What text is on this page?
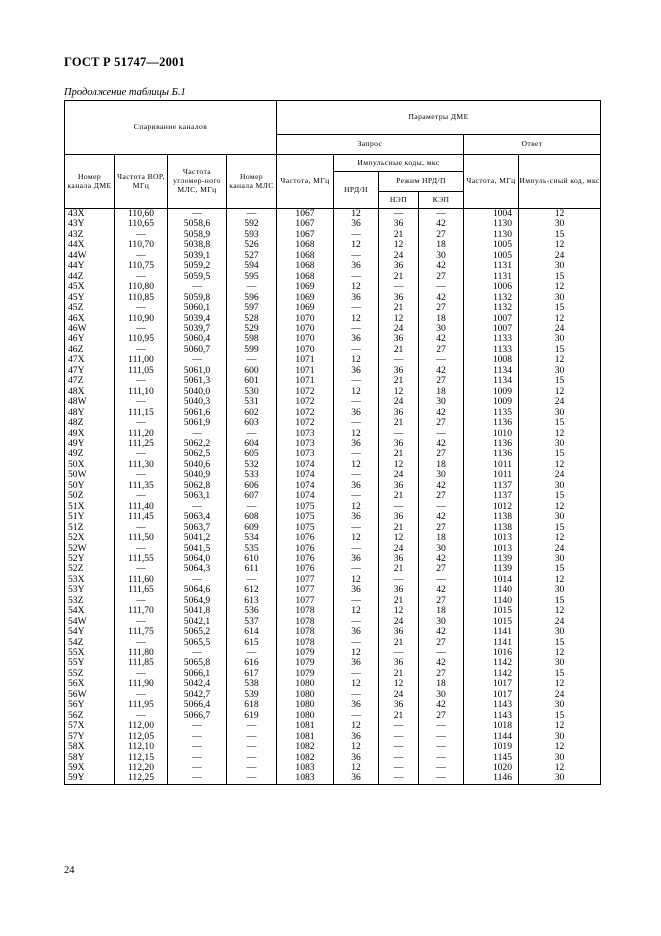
ГОСТ Р 51747—2001
Продолжение таблицы Б.1
Спаривание каналов				Параметры ДМЕ					
				Запрос				Ответ	
Номер канала ДМЕ	Частота ВОР, МГц	Частота угломер-ного МЛС, МГц	Номер канала МЛС	Частота, МГц	Импульсные коды, мкс			Частота, МГц	Импуль-сный код, мкс
					НРД/Н	Режим НРД/П			
						НЭП	КЭП		
43X	110,60	—	—	1067	12	—	—	1004	12
43Y	110,65	5058,6	592	1067	36	36	42	1130	30
43Z	—	5058,9	593	1067	—	21	27	1130	15
44X	110,70	5038,8	526	1068	12	12	18	1005	12
44W	—	5039,1	527	1068	—	24	30	1005	24
44Y	110,75	5059,2	594	1068	36	36	42	1131	30
44Z	—	5059,5	595	1068	—	21	27	1131	15
45X	110,80	—	—	1069	12	—	—	1006	12
45Y	110,85	5059,8	596	1069	36	36	42	1132	30
45Z	—	5060,1	597	1069	—	21	27	1132	15
46X	110,90	5039,4	528	1070	12	12	18	1007	12
46W	—	5039,7	529	1070	—	24	30	1007	24
46Y	110,95	5060,4	598	1070	36	36	42	1133	30
46Z	—	5060,7	599	1070	—	21	27	1133	15
47X	111,00	—	—	1071	12	—	—	1008	12
47Y	111,05	5061,0	600	1071	36	36	42	1134	30
47Z	—	5061,3	601	1071	—	21	27	1134	15
48X	111,10	5040,0	530	1072	12	12	18	1009	12
48W	—	5040,3	531	1072	—	24	30	1009	24
48Y	111,15	5061,6	602	1072	36	36	42	1135	30
48Z	—	5061,9	603	1072	—	21	27	1136	15
49X	111,20	—	—	1073	12	—	—	1010	12
49Y	111,25	5062,2	604	1073	36	36	42	1136	30
49Z	—	5062,5	605	1073	—	21	27	1136	15
50X	111,30	5040,6	532	1074	12	12	18	1011	12
50W	—	5040,9	533	1074	—	24	30	1011	24
50Y	111,35	5062,8	606	1074	36	36	42	1137	30
50Z	—	5063,1	607	1074	—	21	27	1137	15
51X	111,40	—	—	1075	12	—	—	1012	12
51Y	111,45	5063,4	608	1075	36	36	42	1138	30
51Z	—	5063,7	609	1075	—	21	27	1138	15
52X	111,50	5041,2	534	1076	12	12	18	1013	12
52W	—	5041,5	535	1076	—	24	30	1013	24
52Y	111,55	5064,0	610	1076	36	36	42	1139	30
52Z	—	5064,3	611	1076	—	21	27	1139	15
53X	111,60	—	—	1077	12	—	—	1014	12
53Y	111,65	5064,6	612	1077	36	36	42	1140	30
53Z	—	5064,9	613	1077	—	21	27	1140	15
54X	111,70	5041,8	536	1078	12	12	18	1015	12
54W	—	5042,1	537	1078	—	24	30	1015	24
54Y	111,75	5065,2	614	1078	36	36	42	1141	30
54Z	—	5065,5	615	1078	—	21	27	1141	15
55X	111,80	—	—	1079	12	—	—	1016	12
55Y	111,85	5065,8	616	1079	36	36	42	1142	30
55Z	—	5066,1	617	1079	—	21	27	1142	15
56X	111,90	5042,4	538	1080	12	12	18	1017	12
56W	—	5042,7	539	1080	—	24	30	1017	24
56Y	111,95	5066,4	618	1080	36	36	42	1143	30
56Z	—	5066,7	619	1080	—	21	27	1143	15
57X	112,00	—	—	1081	12	—	—	1018	12
57Y	112,05	—	—	1081	36	—	—	1144	30
58X	112,10	—	—	1082	12	—	—	1019	12
58Y	112,15	—	—	1082	36	—	—	1145	30
59X	112,20	—	—	1083	12	—	—	1020	12
59Y	112,25	—	—	1083	36	—	—	1146	30
24
